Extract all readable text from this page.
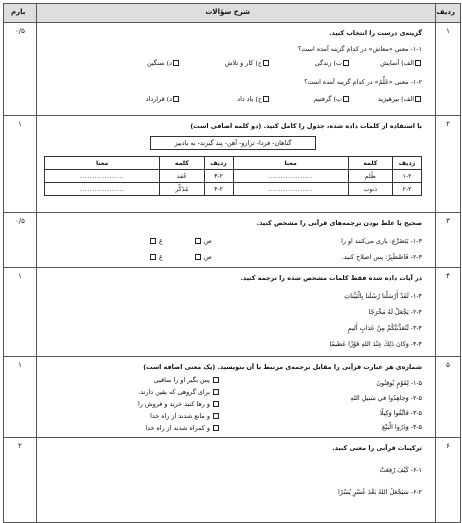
ردیف
شرح سؤالات
بارم
۱
۰/۵	گزینه‌ی درست را انتخاب کنید.
۱-۱- معنی «معاش» در کدام گزینه آمده است؟
الف) آسایش
ب) زندگی
ج) کار و تلاش
د) سنگین
۱-۲- معنی «عَلِّمُ» در کدام گزینه آمده است؟
الف) بپرهیزید
ب) گرفتیم
ج) یاد داد
د) قرارداد
۲
۱	با استفاده از کلمات داده شده، جدول را کامل کنید. (دو کلمه اضافی است)
گناهان- فردا- ترازو- آهن- پند گیرند- به یادبیز
ردیف	کلمه	معنا	ردیف	کلمه	معنا
۱-۲	ظُلم	..................	۳-۲	عُقد	..................
۲-۲	ذنوب	..................	۴-۲	مُذَکِّر	..................
۳
۰/۵	صحیح یا غلط بودن ترجمه‌های قرآنی را مشخص کنید.
۱-۳- یَتَضَرَّع: یاری می‌کنند او را
ص
غ
۲-۳- فَاصْطَبِرْ: پس اصلاح کنید.
ص
غ
۴
۱	در آیات داده شده فقط کلمات مشخص شده را ترجمه کنید.
۱-۴- لَقَدْ أَرْسَلْنا رُسُلَنا بِالْبَيِّناتِ
۲-۴- يَجْعَلْ لَهُ مَخْرَجًا
۳-۴- لَنُعَذِّبَنَّكُمْ مِنْ عَذابٍ أَليمٍ
۴-۴- وَكانَ ذَلِكَ عِنْدَ اللهِ فَوْزًا عَظيمًا
۵
۱	شماره‌ی هر عبارت قرآنی را مقابل ترجمه‌ی مرتبط با آن بنویسید. (یک معنی اضافه است)
۱-۵- لِقَوْمٍ يُوقِنُونَ
۲-۵- وَجاهِدُوا في سَبيلِ اللهِ
۳-۵- فَاتَّقُوا وَكِيلًا
۴-۵- وَذَرُوا الْبَيْعَ
پس بگیر او را ساقیی
برای گروهی که یقین دارند.
و رها کنید خرید و فروش را
و مانع شدند از راه خدا
و کمراه شدند از راه خدا
۶
۲	ترکیبات قرآنی را معنی کنید.
۶-۱- كَيْفَ رُفِعَتْ
۶-۲- سَيَجْعَلُ اللهُ بَعْدَ عُسْرٍ يُسْرًا
